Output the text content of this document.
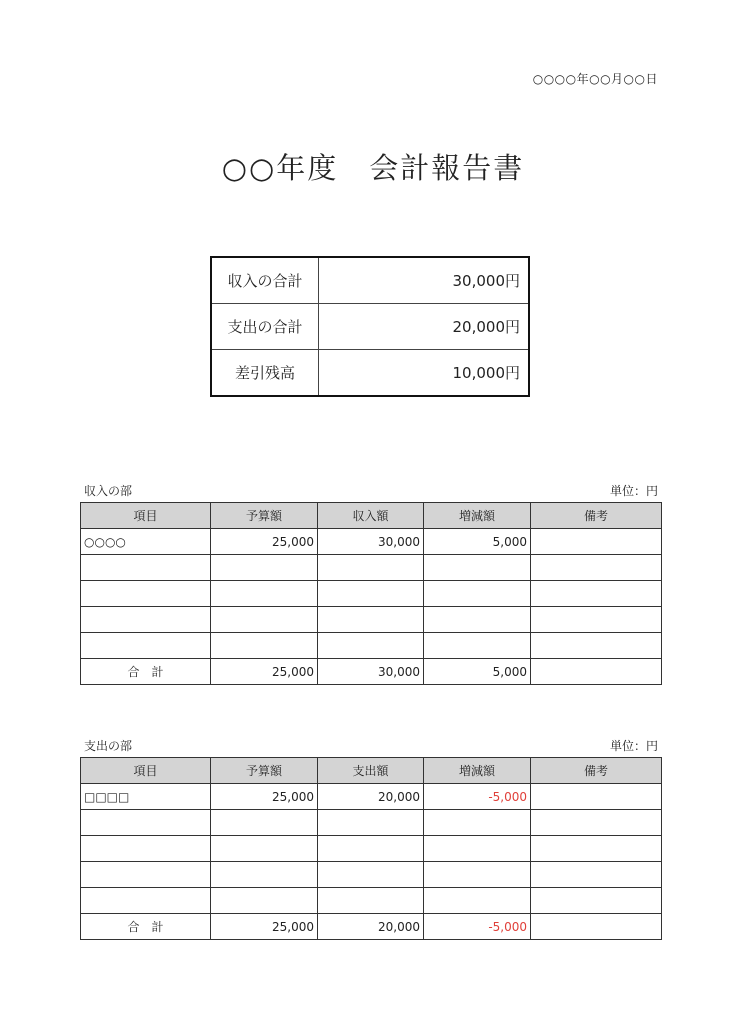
○○○○年○○月○○日
○○年度　会計報告書
収入の合計	30,000円
支出の合計	20,000円
差引残高	10,000円
収入の部	単位：円
項目	予算額	収入額	増減額	備考
○○○○	25,000	30,000	5,000	

合　計	25,000	30,000	5,000	
支出の部	単位：円
項目	予算額	支出額	増減額	備考
□□□□	25,000	20,000	-5,000	

合　計	25,000	20,000	-5,000	
